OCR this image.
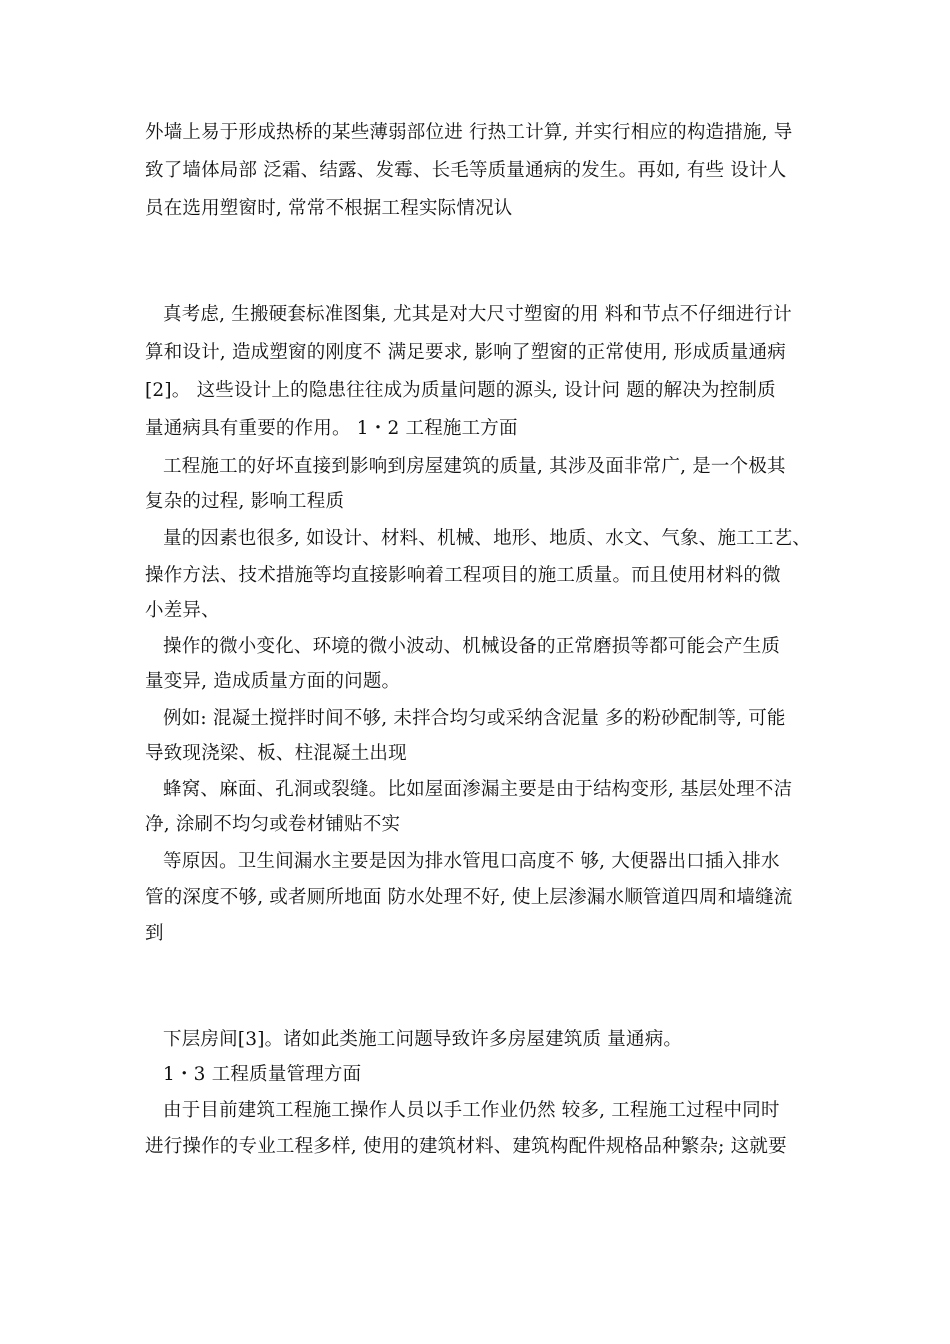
外墙上易于形成热桥的某些薄弱部位进 行热工计算, 并实行相应的构造措施, 导
致了墙体局部 泛霜、结露、发霉、长毛等质量通病的发生。再如, 有些 设计人
员在选用塑窗时, 常常不根据工程实际情况认
真考虑, 生搬硬套标准图集, 尤其是对大尺寸塑窗的用 料和节点不仔细进行计
算和设计, 造成塑窗的刚度不 满足要求, 影响了塑窗的正常使用, 形成质量通病
[2]。 这些设计上的隐患往往成为质量问题的源头, 设计问 题的解决为控制质
量通病具有重要的作用。 1・2 工程施工方面
工程施工的好坏直接到影响到房屋建筑的质量, 其涉及面非常广, 是一个极其
复杂的过程, 影响工程质
量的因素也很多, 如设计、材料、机械、地形、地质、水文、气象、施工工艺、
操作方法、技术措施等均直接影响着工程项目的施工质量。而且使用材料的微
小差异、
操作的微小变化、环境的微小波动、机械设备的正常磨损等都可能会产生质
量变异, 造成质量方面的问题。
例如: 混凝土搅拌时间不够, 未拌合均匀或采纳含泥量 多的粉砂配制等, 可能
导致现浇梁、板、柱混凝土出现
蜂窝、麻面、孔洞或裂缝。比如屋面渗漏主要是由于结构变形, 基层处理不洁
净, 涂刷不均匀或卷材铺贴不实
等原因。卫生间漏水主要是因为排水管甩口高度不 够, 大便器出口插入排水
管的深度不够, 或者厕所地面 防水处理不好, 使上层渗漏水顺管道四周和墙缝流
到
下层房间[3]。诸如此类施工问题导致许多房屋建筑质 量通病。
1・3 工程质量管理方面
由于目前建筑工程施工操作人员以手工作业仍然 较多, 工程施工过程中同时
进行操作的专业工程多样, 使用的建筑材料、建筑构配件规格品种繁杂; 这就要
